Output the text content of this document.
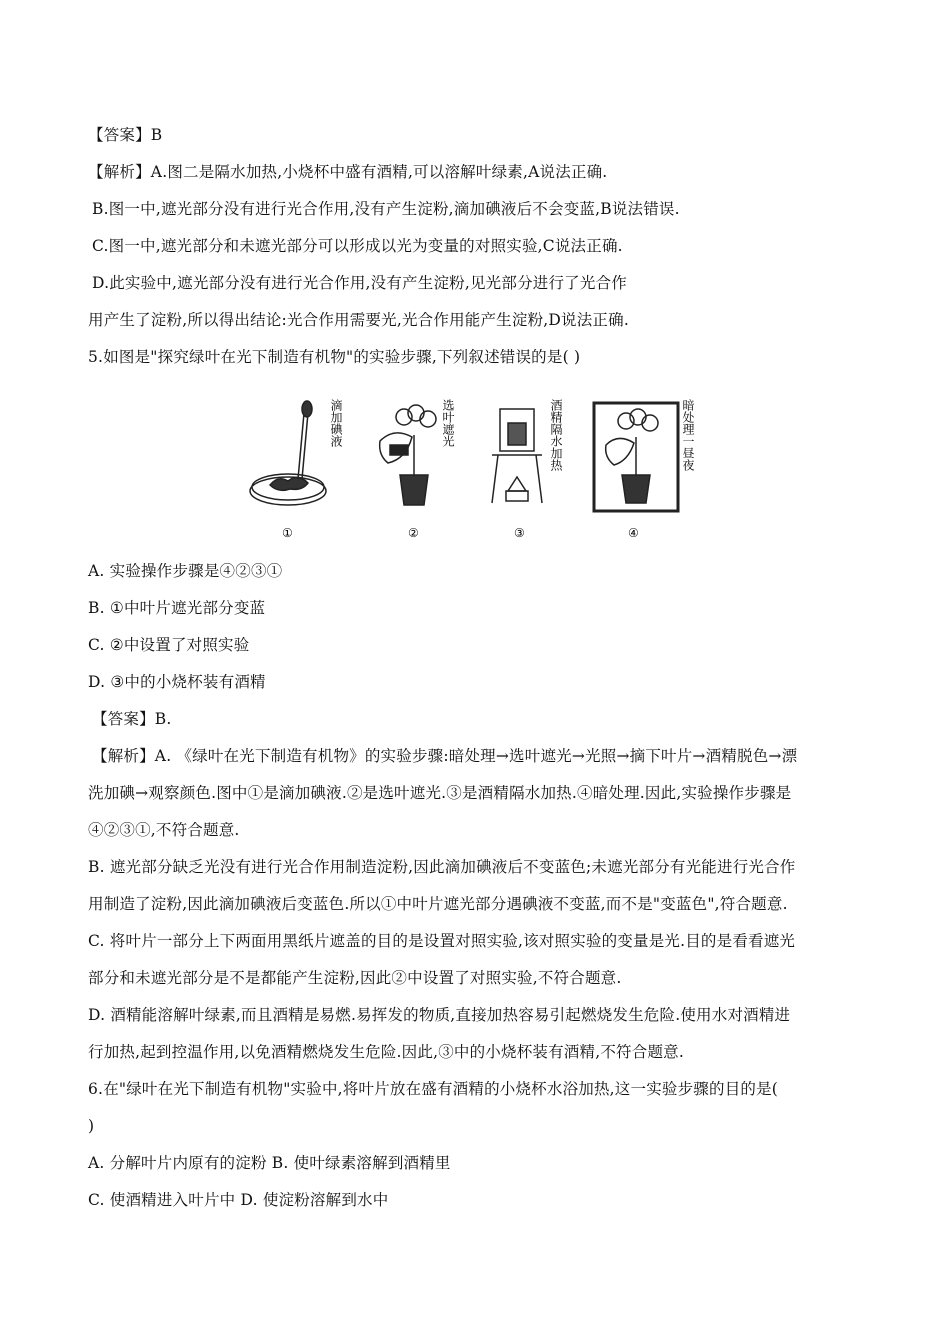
【答案】B
【解析】A.图二是隔水加热,小烧杯中盛有酒精,可以溶解叶绿素,A说法正确.
B.图一中,遮光部分没有进行光合作用,没有产生淀粉,滴加碘液后不会变蓝,B说法错误.
C.图一中,遮光部分和未遮光部分可以形成以光为变量的对照实验,C说法正确.
D.此实验中,遮光部分没有进行光合作用,没有产生淀粉,见光部分进行了光合作
用产生了淀粉,所以得出结论:光合作用需要光,光合作用能产生淀粉,D说法正确.
5.如图是"探究绿叶在光下制造有机物"的实验步骤,下列叙述错误的是( )
滴加碘液
①
选叶遮光
②
酒精隔水加热
③
暗处理一昼夜
④
A. 实验操作步骤是④②③①
B. ①中叶片遮光部分变蓝
C. ②中设置了对照实验
D. ③中的小烧杯装有酒精
【答案】B.
【解析】A. 《绿叶在光下制造有机物》的实验步骤:暗处理→选叶遮光→光照→摘下叶片→酒精脱色→漂
洗加碘→观察颜色.图中①是滴加碘液.②是选叶遮光.③是酒精隔水加热.④暗处理.因此,实验操作步骤是
④②③①,不符合题意.
B. 遮光部分缺乏光没有进行光合作用制造淀粉,因此滴加碘液后不变蓝色;未遮光部分有光能进行光合作
用制造了淀粉,因此滴加碘液后变蓝色.所以①中叶片遮光部分遇碘液不变蓝,而不是"变蓝色",符合题意.
C. 将叶片一部分上下两面用黑纸片遮盖的目的是设置对照实验,该对照实验的变量是光.目的是看看遮光
部分和未遮光部分是不是都能产生淀粉,因此②中设置了对照实验,不符合题意.
D. 酒精能溶解叶绿素,而且酒精是易燃.易挥发的物质,直接加热容易引起燃烧发生危险.使用水对酒精进
行加热,起到控温作用,以免酒精燃烧发生危险.因此,③中的小烧杯装有酒精,不符合题意.
6.在"绿叶在光下制造有机物"实验中,将叶片放在盛有酒精的小烧杯水浴加热,这一实验步骤的目的是(
)
A. 分解叶片内原有的淀粉 B. 使叶绿素溶解到酒精里
C. 使酒精进入叶片中 D. 使淀粉溶解到水中
